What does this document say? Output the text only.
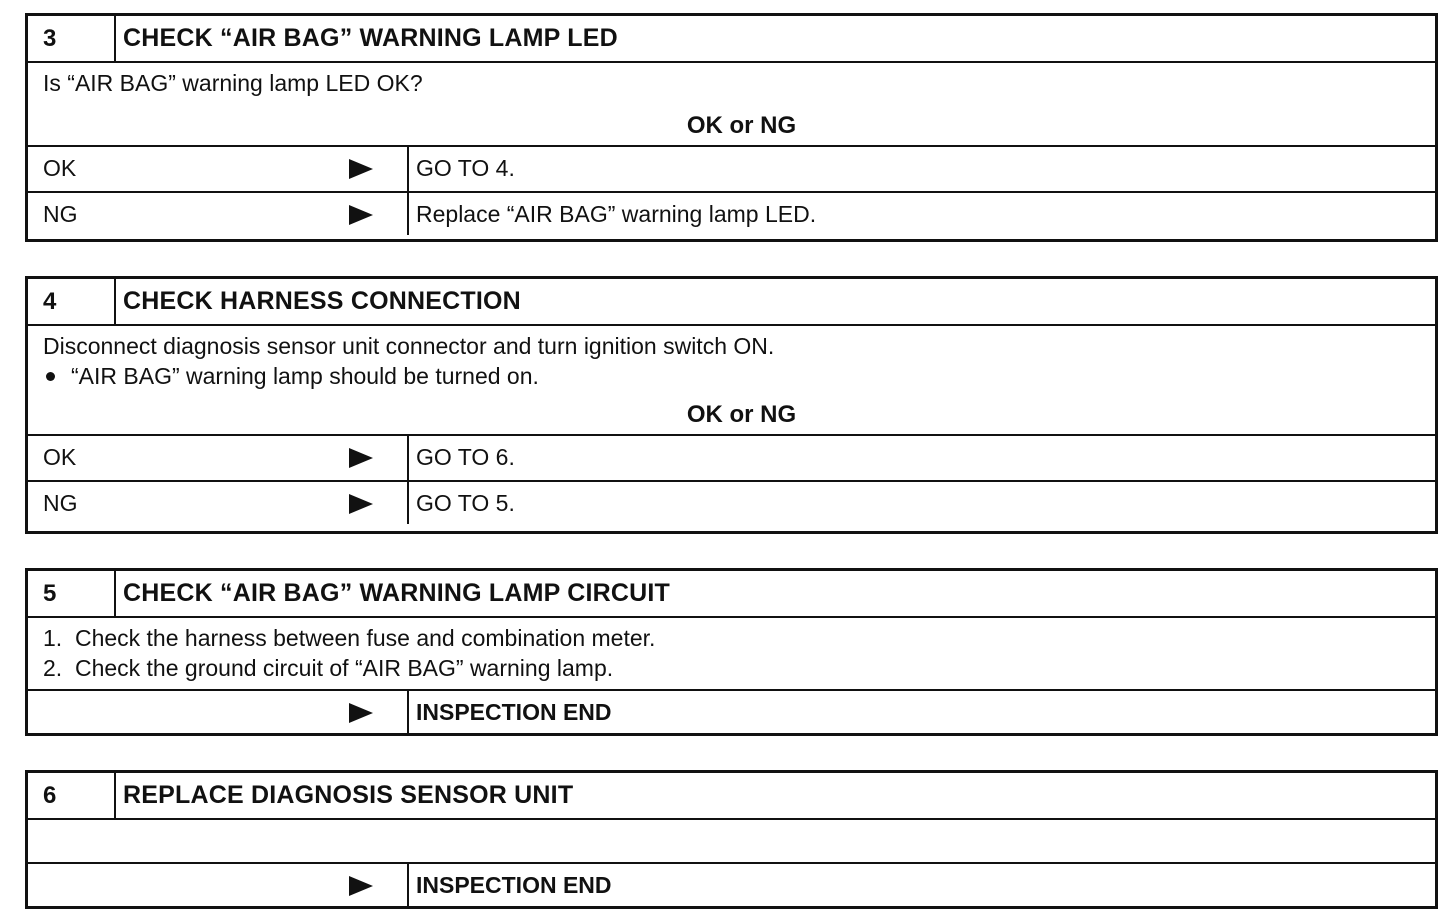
3	CHECK “AIR BAG” WARNING LAMP LED
Is “AIR BAG” warning lamp LED OK?
OK or NG
OK	GO TO 4.
NG	Replace “AIR BAG” warning lamp LED.
4	CHECK HARNESS CONNECTION
Disconnect diagnosis sensor unit connector and turn ignition switch ON.
“AIR BAG” warning lamp should be turned on.
OK or NG
OK	GO TO 6.
NG	GO TO 5.
5	CHECK “AIR BAG” WARNING LAMP CIRCUIT
1.  Check the harness between fuse and combination meter.
2.  Check the ground circuit of “AIR BAG” warning lamp.
INSPECTION END
6	REPLACE DIAGNOSIS SENSOR UNIT
INSPECTION END
